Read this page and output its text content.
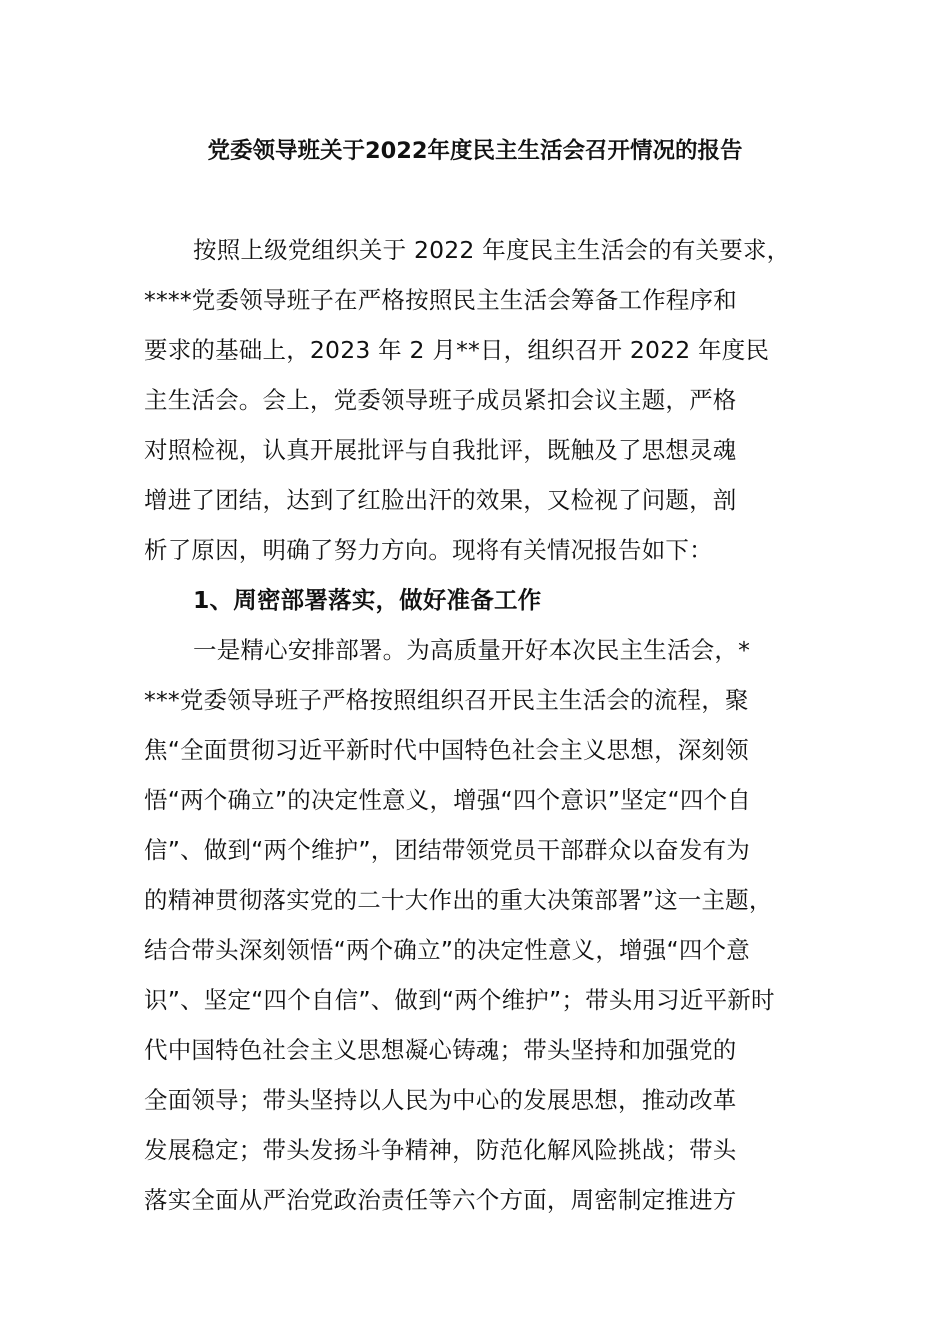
党委领导班关于2022年度民主生活会召开情况的报告
按照上级党组织关于 2022 年度民主生活会的有关要求，
****党委领导班子在严格按照民主生活会筹备工作程序和
要求的基础上，2023 年 2 月**日，组织召开 2022 年度民
主生活会。会上，党委领导班子成员紧扣会议主题，严格
对照检视，认真开展批评与自我批评，既触及了思想灵魂
增进了团结，达到了红脸出汗的效果，又检视了问题，剖
析了原因，明确了努力方向。现将有关情况报告如下：
1、周密部署落实，做好准备工作
一是精心安排部署。为高质量开好本次民主生活会，*
***党委领导班子严格按照组织召开民主生活会的流程，聚
焦“全面贯彻习近平新时代中国特色社会主义思想，深刻领
悟“两个确立”的决定性意义，增强“四个意识”坚定“四个自
信”、做到“两个维护”，团结带领党员干部群众以奋发有为
的精神贯彻落实党的二十大作出的重大决策部署”这一主题，
结合带头深刻领悟“两个确立”的决定性意义，增强“四个意
识”、坚定“四个自信”、做到“两个维护”；带头用习近平新时
代中国特色社会主义思想凝心铸魂；带头坚持和加强党的
全面领导；带头坚持以人民为中心的发展思想，推动改革
发展稳定；带头发扬斗争精神，防范化解风险挑战；带头
落实全面从严治党政治责任等六个方面，周密制定推进方
